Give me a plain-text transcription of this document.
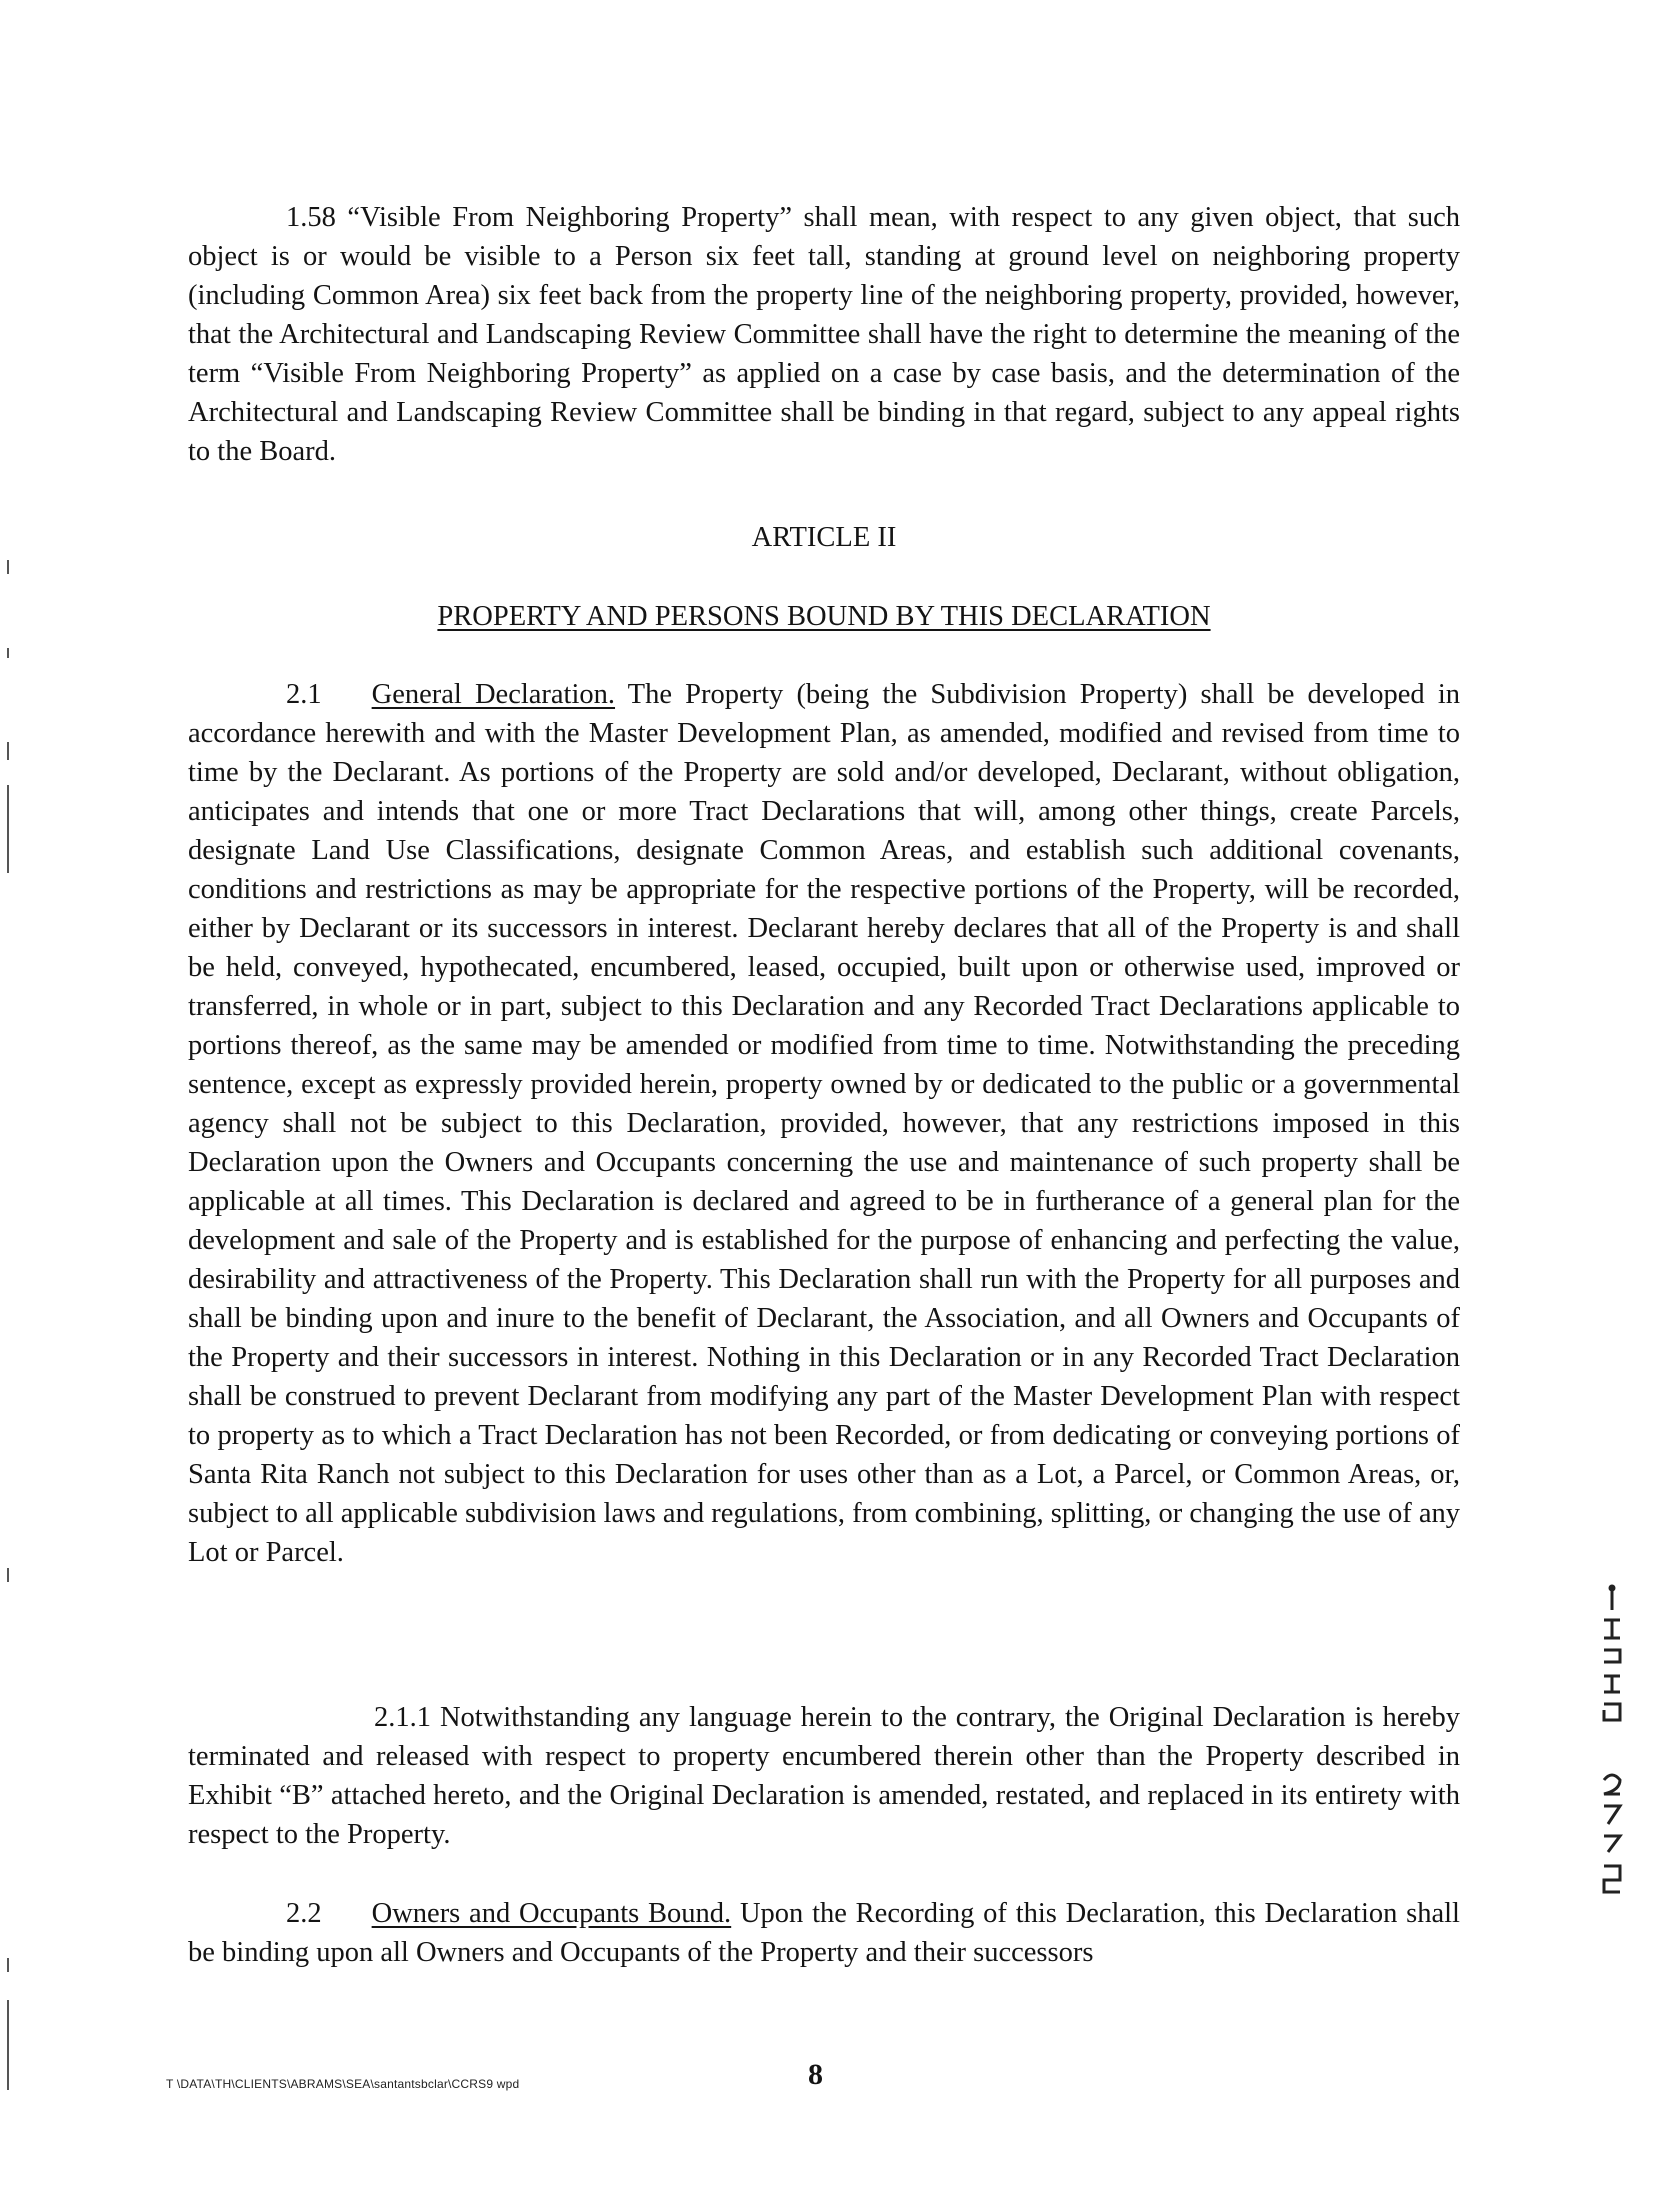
1.58 “Visible From Neighboring Property” shall mean, with respect to any given object, that such object is or would be visible to a Person six feet tall, standing at ground level on neighboring property (including Common Area) six feet back from the property line of the neighboring property, provided, however, that the Architectural and Landscaping Review Committee shall have the right to determine the meaning of the term “Visible From Neighboring Property” as applied on a case by case basis, and the determination of the Architectural and Landscaping Review Committee shall be binding in that regard, subject to any appeal rights to the Board.

ARTICLE II

PROPERTY AND PERSONS BOUND BY THIS DECLARATION

2.1 General Declaration. The Property (being the Subdivision Property) shall be developed in accordance herewith and with the Master Development Plan, as amended, modified and revised from time to time by the Declarant. As portions of the Property are sold and/or developed, Declarant, without obligation, anticipates and intends that one or more Tract Declarations that will, among other things, create Parcels, designate Land Use Classifications, designate Common Areas, and establish such additional covenants, conditions and restrictions as may be appropriate for the respective portions of the Property, will be recorded, either by Declarant or its successors in interest. Declarant hereby declares that all of the Property is and shall be held, conveyed, hypothecated, encumbered, leased, occupied, built upon or otherwise used, improved or transferred, in whole or in part, subject to this Declaration and any Recorded Tract Declarations applicable to portions thereof, as the same may be amended or modified from time to time. Notwithstanding the preceding sentence, except as expressly provided herein, property owned by or dedicated to the public or a governmental agency shall not be subject to this Declaration, provided, however, that any restrictions imposed in this Declaration upon the Owners and Occupants concerning the use and maintenance of such property shall be applicable at all times. This Declaration is declared and agreed to be in furtherance of a general plan for the development and sale of the Property and is established for the purpose of enhancing and perfecting the value, desirability and attractiveness of the Property. This Declaration shall run with the Property for all purposes and shall be binding upon and inure to the benefit of Declarant, the Association, and all Owners and Occupants of the Property and their successors in interest. Nothing in this Declaration or in any Recorded Tract Declaration shall be construed to prevent Declarant from modifying any part of the Master Development Plan with respect to property as to which a Tract Declaration has not been Recorded, or from dedicating or conveying portions of Santa Rita Ranch not subject to this Declaration for uses other than as a Lot, a Parcel, or Common Areas, or, subject to all applicable subdivision laws and regulations, from combining, splitting, or changing the use of any Lot or Parcel.

2.1.1 Notwithstanding any language herein to the contrary, the Original Declaration is hereby terminated and released with respect to property encumbered therein other than the Property described in Exhibit “B” attached hereto, and the Original Declaration is amended, restated, and replaced in its entirety with respect to the Property.

2.2 Owners and Occupants Bound. Upon the Recording of this Declaration, this Declaration shall be binding upon all Owners and Occupants of the Property and their successors

T \DATA\TH\CLIENTS\ABRAMS\SEA\santantsbclar\CCRS9 wpd	8
